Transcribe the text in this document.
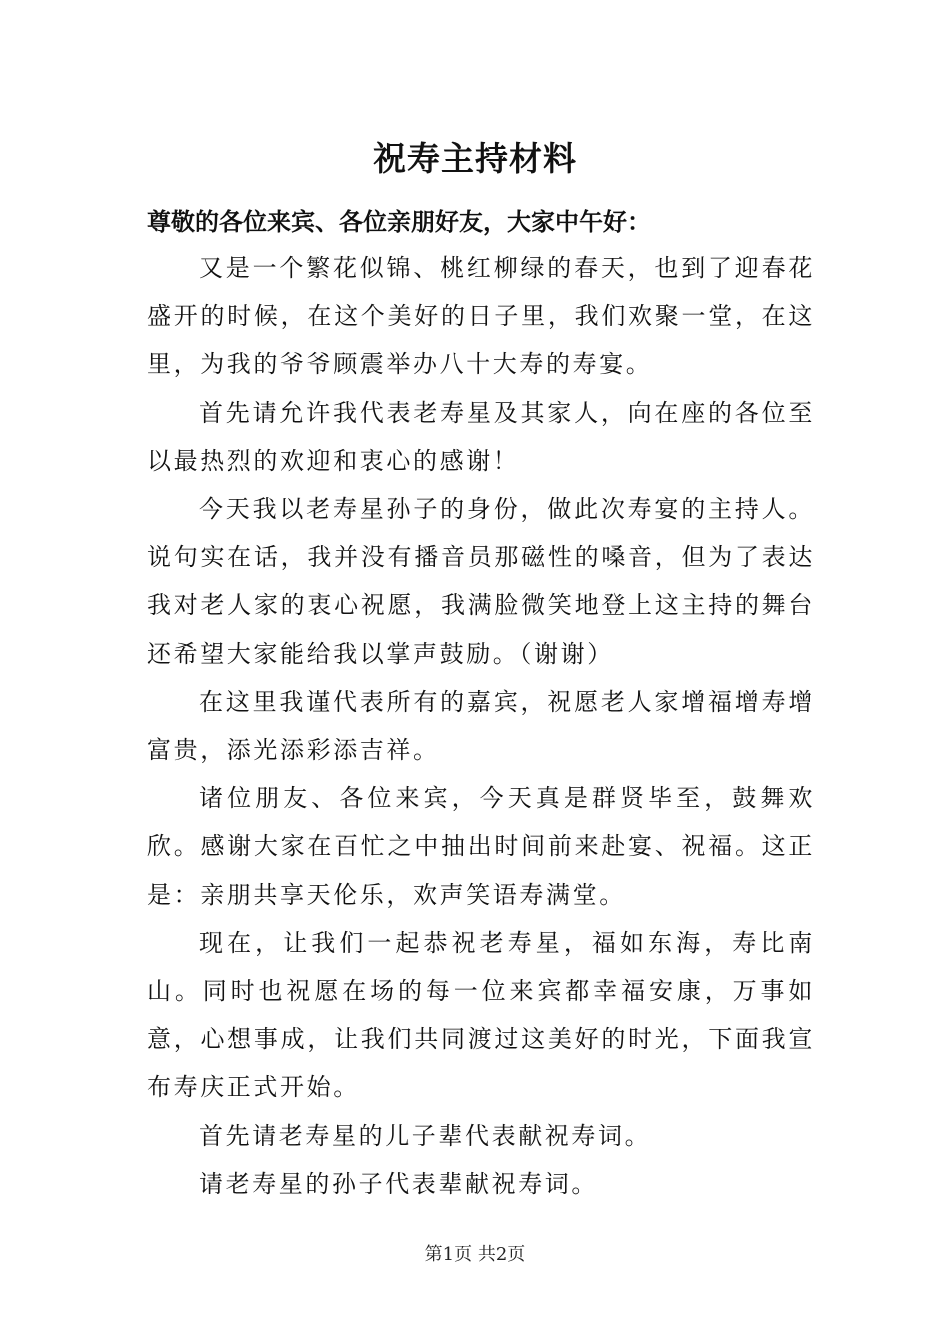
祝寿主持材料

尊敬的各位来宾、各位亲朋好友，大家中午好：

又是一个繁花似锦、桃红柳绿的春天，也到了迎春花盛开的时候，在这个美好的日子里，我们欢聚一堂，在这里，为我的爷爷顾震举办八十大寿的寿宴。

首先请允许我代表老寿星及其家人，向在座的各位至以最热烈的欢迎和衷心的感谢！

今天我以老寿星孙子的身份，做此次寿宴的主持人。说句实在话，我并没有播音员那磁性的嗓音，但为了表达我对老人家的衷心祝愿，我满脸微笑地登上这主持的舞台还希望大家能给我以掌声鼓励。（谢谢）

在这里我谨代表所有的嘉宾，祝愿老人家增福增寿增富贵，添光添彩添吉祥。

诸位朋友、各位来宾，今天真是群贤毕至，鼓舞欢欣。感谢大家在百忙之中抽出时间前来赴宴、祝福。这正是：亲朋共享天伦乐，欢声笑语寿满堂。

现在，让我们一起恭祝老寿星，福如东海，寿比南山。同时也祝愿在场的每一位来宾都幸福安康，万事如意，心想事成，让我们共同渡过这美好的时光，下面我宣布寿庆正式开始。

首先请老寿星的儿子辈代表献祝寿词。

请老寿星的孙子代表辈献祝寿词。

第1页 共2页
